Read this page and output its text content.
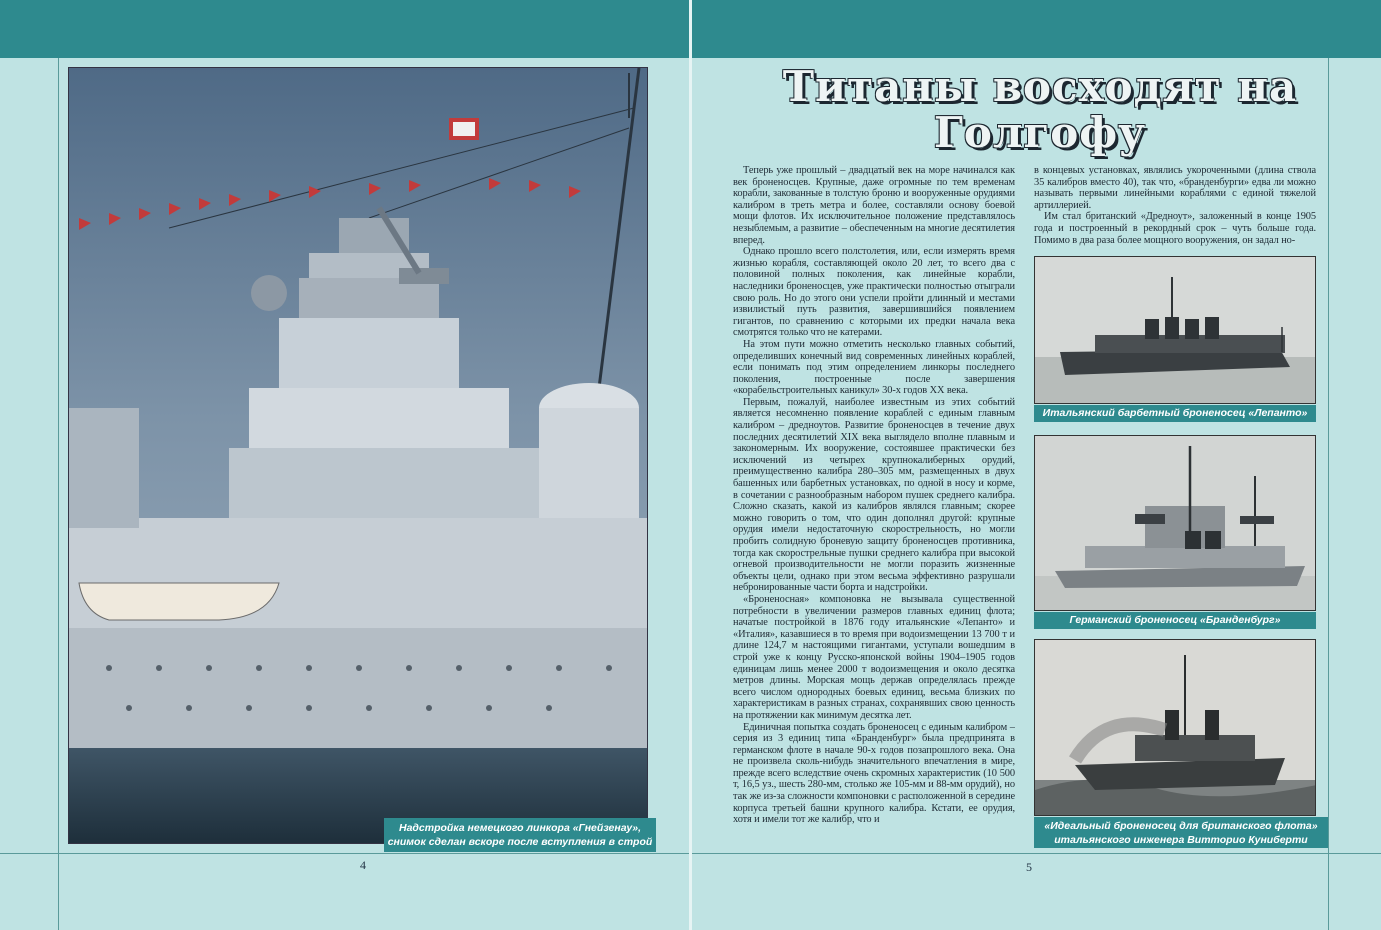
Надстройка немецкого линкора «Гнейзенау»,
снимок сделан вскоре после вступления в строй
4
Титаны восходят на Голгофу

Теперь уже прошлый – двадцатый век на море начинался как век броненосцев. Крупные, даже огромные по тем временам корабли, закованные в толстую броню и вооруженные орудиями калибром в треть метра и более, составляли основу боевой мощи флотов. Их исключительное положение представлялось незыблемым, а развитие – обеспеченным на многие десятилетия вперед.

Однако прошло всего полстолетия, или, если измерять время жизнью корабля, составляющей около 20 лет, то всего два с половиной полных поколения, как линейные корабли, наследники броненосцев, уже практически полностью отыграли свою роль. Но до этого они успели пройти длинный и местами извилистый путь развития, завершившийся появлением гигантов, по сравнению с которыми их предки начала века смотрятся только что не катерами.

На этом пути можно отметить несколько главных событий, определивших конечный вид современных линейных кораблей, если понимать под этим определением линкоры последнего поколения, построенные после завершения «корабельстроительных каникул» 30-х годов XX века.

Первым, пожалуй, наиболее известным из этих событий является несомненно появление кораблей с единым главным калибром – дредноутов. Развитие броненосцев в течение двух последних десятилетий XIX века выглядело вполне плавным и закономерным. Их вооружение, состоявшее практически без исключений из четырех крупнокалиберных орудий, преимущественно калибра 280–305 мм, размещенных в двух башенных или барбетных установках, по одной в носу и корме, в сочетании с разнообразным набором пушек среднего калибра. Сложно сказать, какой из калибров являлся главным; скорее можно говорить о том, что один дополнял другой: крупные орудия имели недостаточную скорострельность, но могли пробить солидную броневую защиту броненосцев противника, тогда как скорострельные пушки среднего калибра при высокой огневой производительности не могли поразить жизненные объекты цели, однако при этом весьма эффективно разрушали небронированные части борта и надстройки.

«Броненосная» компоновка не вызывала существенной потребности в увеличении размеров главных единиц флота; начатые постройкой в 1876 году итальянские «Лепанто» и «Италия», казавшиеся в то время при водоизмещении 13 700 т и длине 124,7 м настоящими гигантами, уступали вошедшим в строй уже к концу Русско-японской войны 1904–1905 годов единицам лишь менее 2000 т водоизмещения и около десятка метров длины. Морская мощь держав определялась прежде всего числом однородных боевых единиц, весьма близких по характеристикам в разных странах, сохранявших свою ценность на протяжении как минимум десятка лет.

Единичная попытка создать броненосец с единым калибром – серия из 3 единиц типа «Бранденбург» была предпринята в германском флоте в начале 90-х годов позапрошлого века. Она не произвела сколь-нибудь значительного впечатления в мире, прежде всего вследствие очень скромных характеристик (10 500 т, 16,5 уз., шесть 280-мм, столько же 105-мм и 88-мм орудий), но так же из-за сложности компоновки с расположенной в середине корпуса третьей башни крупного калибра. Кстати, ее орудия, хотя и имели тот же калибр, что и

в концевых установках, являлись укороченными (длина ствола 35 калибров вместо 40), так что, «бранденбурги» едва ли можно называть первыми линейными кораблями с единой тяжелой артиллерией.

Им стал британский «Дредноут», заложенный в конце 1905 года и построенный в рекордный срок – чуть больше года. Помимо в два раза более мощного вооружения, он задал но-

Итальянский барбетный броненосец «Лепанто»
Германский броненосец «Бранденбург»
«Идеальный броненосец для британского флота»
итальянского инженера Витторио Куниберти
5
